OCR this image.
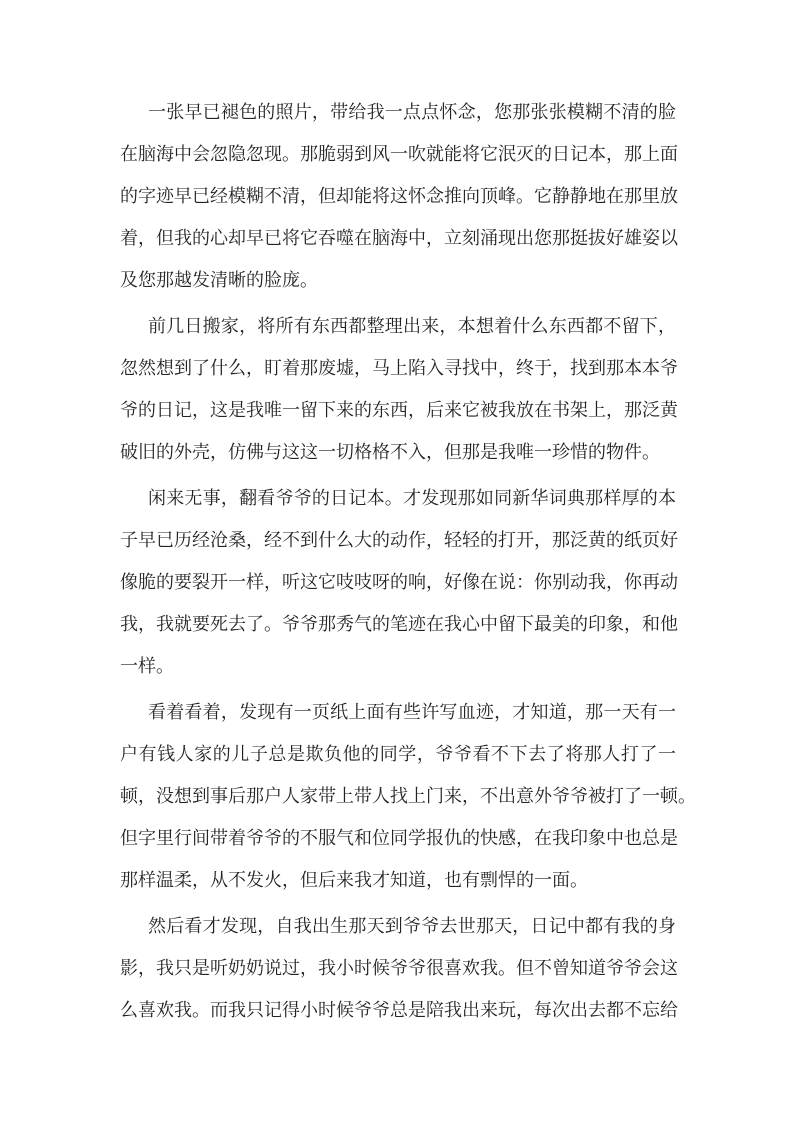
一张早已褪色的照片，带给我一点点怀念，您那张张模糊不清的脸
在脑海中会忽隐忽现。那脆弱到风一吹就能将它泯灭的日记本，那上面
的字迹早已经模糊不清，但却能将这怀念推向顶峰。它静静地在那里放
着，但我的心却早已将它吞噬在脑海中，立刻涌现出您那挺拔好雄姿以
及您那越发清晰的脸庞。
前几日搬家，将所有东西都整理出来，本想着什么东西都不留下，
忽然想到了什么，盯着那废墟，马上陷入寻找中，终于，找到那本本爷
爷的日记，这是我唯一留下来的东西，后来它被我放在书架上，那泛黄
破旧的外壳，仿佛与这这一切格格不入，但那是我唯一珍惜的物件。
闲来无事，翻看爷爷的日记本。才发现那如同新华词典那样厚的本
子早已历经沧桑，经不到什么大的动作，轻轻的打开，那泛黄的纸页好
像脆的要裂开一样，听这它吱吱呀的响，好像在说：你别动我，你再动
我，我就要死去了。爷爷那秀气的笔迹在我心中留下最美的印象，和他
一样。
看着看着，发现有一页纸上面有些许写血迹，才知道，那一天有一
户有钱人家的儿子总是欺负他的同学，爷爷看不下去了将那人打了一
顿，没想到事后那户人家带上带人找上门来，不出意外爷爷被打了一顿。
但字里行间带着爷爷的不服气和位同学报仇的快感，在我印象中也总是
那样温柔，从不发火，但后来我才知道，也有剽悍的一面。
然后看才发现，自我出生那天到爷爷去世那天，日记中都有我的身
影，我只是听奶奶说过，我小时候爷爷很喜欢我。但不曾知道爷爷会这
么喜欢我。而我只记得小时候爷爷总是陪我出来玩，每次出去都不忘给
